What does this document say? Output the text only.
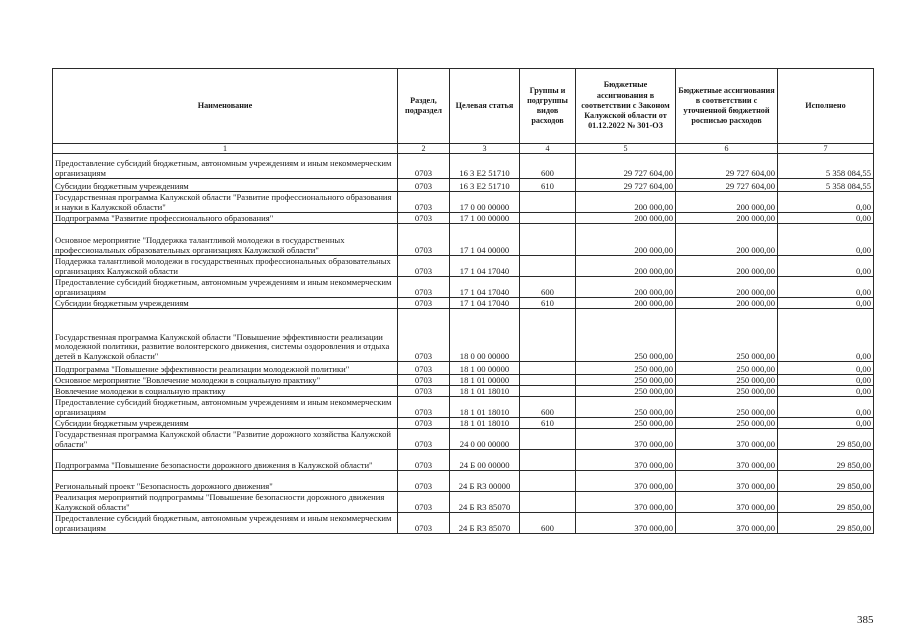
Наименование	Раздел, подраздел	Целевая статья	Группы и подгруппы видов расходов	Бюджетные ассигнования в соответствии с Законом Калужской области от 01.12.2022 № 301-ОЗ	Бюджетные ассигнования в соответствии с уточненной бюджетной росписью расходов	Исполнено
1	2	3	4	5	6	7
Предоставление субсидий бюджетным, автономным учреждениям и иным некоммерческим организациям	0703	16 3 Е2 51710	600	29 727 604,00	29 727 604,00	5 358 084,55
Субсидии бюджетным учреждениям	0703	16 3 Е2 51710	610	29 727 604,00	29 727 604,00	5 358 084,55
Государственная программа Калужской области "Развитие профессионального образования и науки в Калужской области"	0703	17 0 00 00000		200 000,00	200 000,00	0,00
Подпрограмма "Развитие профессионального образования"	0703	17 1 00 00000		200 000,00	200 000,00	0,00
Основное мероприятие "Поддержка талантливой молодежи в государственных профессиональных образовательных организациях Калужской области"	0703	17 1 04 00000		200 000,00	200 000,00	0,00
Поддержка талантливой молодежи в государственных профессиональных образовательных организациях Калужской области	0703	17 1 04 17040		200 000,00	200 000,00	0,00
Предоставление субсидий бюджетным, автономным учреждениям и иным некоммерческим организациям	0703	17 1 04 17040	600	200 000,00	200 000,00	0,00
Субсидии бюджетным учреждениям	0703	17 1 04 17040	610	200 000,00	200 000,00	0,00
Государственная программа Калужской области "Повышение эффективности реализации молодежной политики, развитие волонтерского движения, системы оздоровления и отдыха детей в Калужской области"	0703	18 0 00 00000		250 000,00	250 000,00	0,00
Подпрограмма "Повышение эффективности реализации молодежной политики"	0703	18 1 00 00000		250 000,00	250 000,00	0,00
Основное мероприятие "Вовлечение молодежи в социальную практику"	0703	18 1 01 00000		250 000,00	250 000,00	0,00
Вовлечение молодежи в социальную практику	0703	18 1 01 18010		250 000,00	250 000,00	0,00
Предоставление субсидий бюджетным, автономным учреждениям и иным некоммерческим организациям	0703	18 1 01 18010	600	250 000,00	250 000,00	0,00
Субсидии бюджетным учреждениям	0703	18 1 01 18010	610	250 000,00	250 000,00	0,00
Государственная программа Калужской области "Развитие дорожного хозяйства Калужской области"	0703	24 0 00 00000		370 000,00	370 000,00	29 850,00
Подпрограмма "Повышение безопасности дорожного движения в Калужской области"	0703	24 Б 00 00000		370 000,00	370 000,00	29 850,00
Региональный проект "Безопасность дорожного движения"	0703	24 Б R3 00000		370 000,00	370 000,00	29 850,00
Реализация мероприятий подпрограммы "Повышение безопасности дорожного движения Калужской области"	0703	24 Б R3 85070		370 000,00	370 000,00	29 850,00
Предоставление субсидий бюджетным, автономным учреждениям и иным некоммерческим организациям	0703	24 Б R3 85070	600	370 000,00	370 000,00	29 850,00
385
